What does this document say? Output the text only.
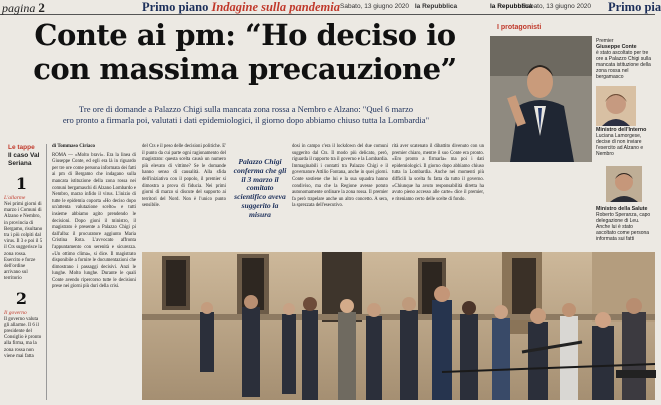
pagina 2	Primo piano Indagine sulla pandemia Sabato, 13 giugno 2020 la Repubblica	la Repubblica
Sabato, 13 giugno 2020 Primo pia
Conte ai pm: “Ho deciso io
con massima precauzione”
Tre ore di domande a Palazzo Chigi sulla mancata zona rossa a Nembro e Alzano: "Quel 6 marzo
ero pronto a firmarla poi, valutati i dati epidemiologici, il giorno dopo abbiamo chiuso tutta la Lombardia"
Le tappe
Il caso Val Seriana
1
L'allarme
Nei primi giorni di marzo i Comuni di Alzano e Nembro, in provincia di Bergamo, risultano tra i più colpiti dal virus. Il 3 e poi il 5 il Cts suggerisce la zona rossa. Esercito e forze dell'ordine arrivano sul territorio
2
Il governo
Il governo valuta gli allarme. Il 6 il presidente del Consiglio è pronto alla firma, ma la zona rossa non viene mai fatta
di Tommaso Ciriaco
ROMA — «Molto bravi». Era la linea di Giuseppe Conte, ed egli era là in riguardo per tre ore come persona informata dei fatti ai pm di Bergamo che indagano sulla mancata istituzione della zona rossa nei comuni bergamaschi di Alzano Lombardo e Nembro, marzo infido il virus. L'inizio di tutte le epidemia coporta «Ho deciso dopo un'attenta valutazione scelto» e tutti insieme abbiamo agito prendendo le decisioni. Dopo gioni il ministro, il magistrato è presente a Palazzo Chigi pi dall'alba: il procuratore aggiunto Maria Cristina Rota. L'avvocato affronta l'appuntamento con serenità e sicurezza. «Un ottimo clima», si dice. Il magistrato disponibile a fornire le documentazioni che dimostrano i passaggi decisivi. Anzi le lunghe. Molto lunghe. Durante le quali Conte avendo ripercorso tutte le decisioni prese nei giorni più duri della crisi.
del Cts e il peso delle decisioni politiche. E' il punto da cui parte ogni ragionamento del magistrato: questa scelta causò un numero più elevato di vittime? Se le domande hanno senso di causalità. Alla sfida dell'iniziativa con il popolo, il premier si dimostra a prova di fiducia. Nei primi giorni di marzo si discute del supporto ai territori del Nord. Non è l'unico punto sensibile.
Palazzo Chigi conferma che gli il 3 marzo il comitato scientifico aveva suggerito la misura
dosi in campo c'era il lockdown del due comuni suggerito dal Cts. Il modo più delicato, però, riguarda il rapporto tra il governo e la Lombardia. Immaginabili i contatti tra Palazzo Chigi e il governatore Attilio Fontana, anche in quei giorni. Conte sostiene che lui e la sua squadra hanno condiviso, ma che la Regione avesse potuto autonomamente ordinare la zona rossa. Il premier fa però trapelare anche un altro concetto. A sera, la sprezzata dell'esecutivo.
rità aver scatenato il dibattito divenuto con un premier chiaro, mentre il suo Conte era pronto. «Ero pronto a firmarla» ma poi i dati epidemiologici. Il giorno dopo abbiamo chiuso tutta la Lombardia. Anche nei momenti più difficili la scelta fu fatta da tutto il governo. «Chiunque ha avuto responsabilità diretta ha avuto pieno accesso alle carte» dice il premier, e riteniamo certo delle scelte di fondo.
I protagonisti
Premier
Giuseppe Conte
è stato ascoltato per tre ore a Palazzo Chigi sulla mancata istituzione della zona rossa nel bergamasco
Ministro dell'Interno
Luciana Lamorgese, decise di non inviare l'esercito ad Alzano e Nembro
Ministro della Salute
Roberto Speranza, capo delegazione di Leu. Anche lui è stato ascoltato come persona informata sui fatti
